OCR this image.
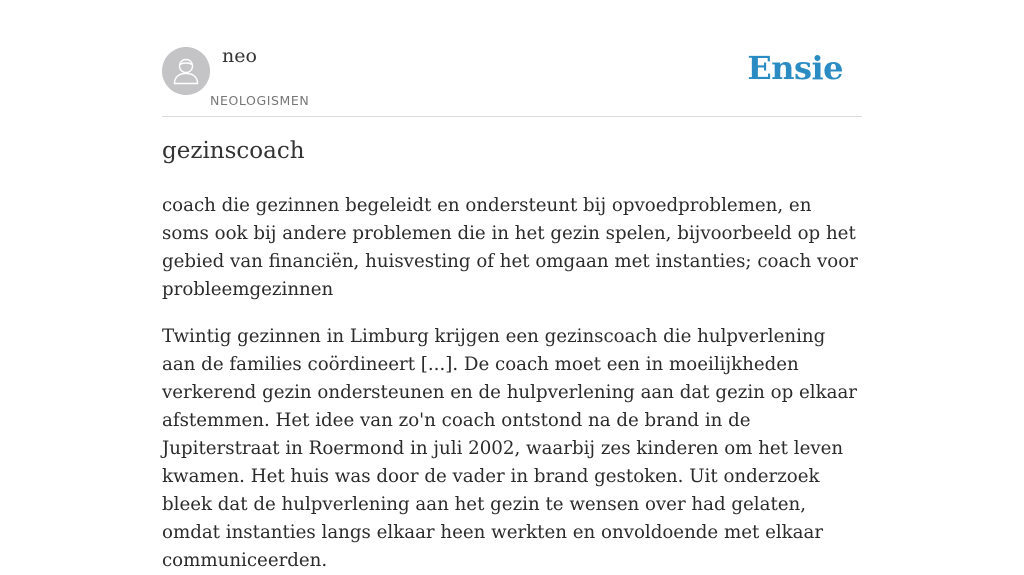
neo
NEOLOGISMEN
Ensie
gezinscoach

coach die gezinnen begeleidt en ondersteunt bij opvoedproblemen, en soms ook bij andere problemen die in het gezin spelen, bijvoorbeeld op het gebied van financiën, huisvesting of het omgaan met instanties; coach voor probleemgezinnen

Twintig gezinnen in Limburg krijgen een gezinscoach die hulpverlening aan de families coördineert [...]. De coach moet een in moeilijkheden verkerend gezin ondersteunen en de hulpverlening aan dat gezin op elkaar afstemmen. Het idee van zo'n coach ontstond na de brand in de Jupiterstraat in Roermond in juli 2002, waarbij zes kinderen om het leven kwamen. Het huis was door de vader in brand gestoken. Uit onderzoek bleek dat de hulpverlening aan het gezin te wensen over had gelaten, omdat instanties langs elkaar heen werkten en onvoldoende met elkaar communiceerden.
